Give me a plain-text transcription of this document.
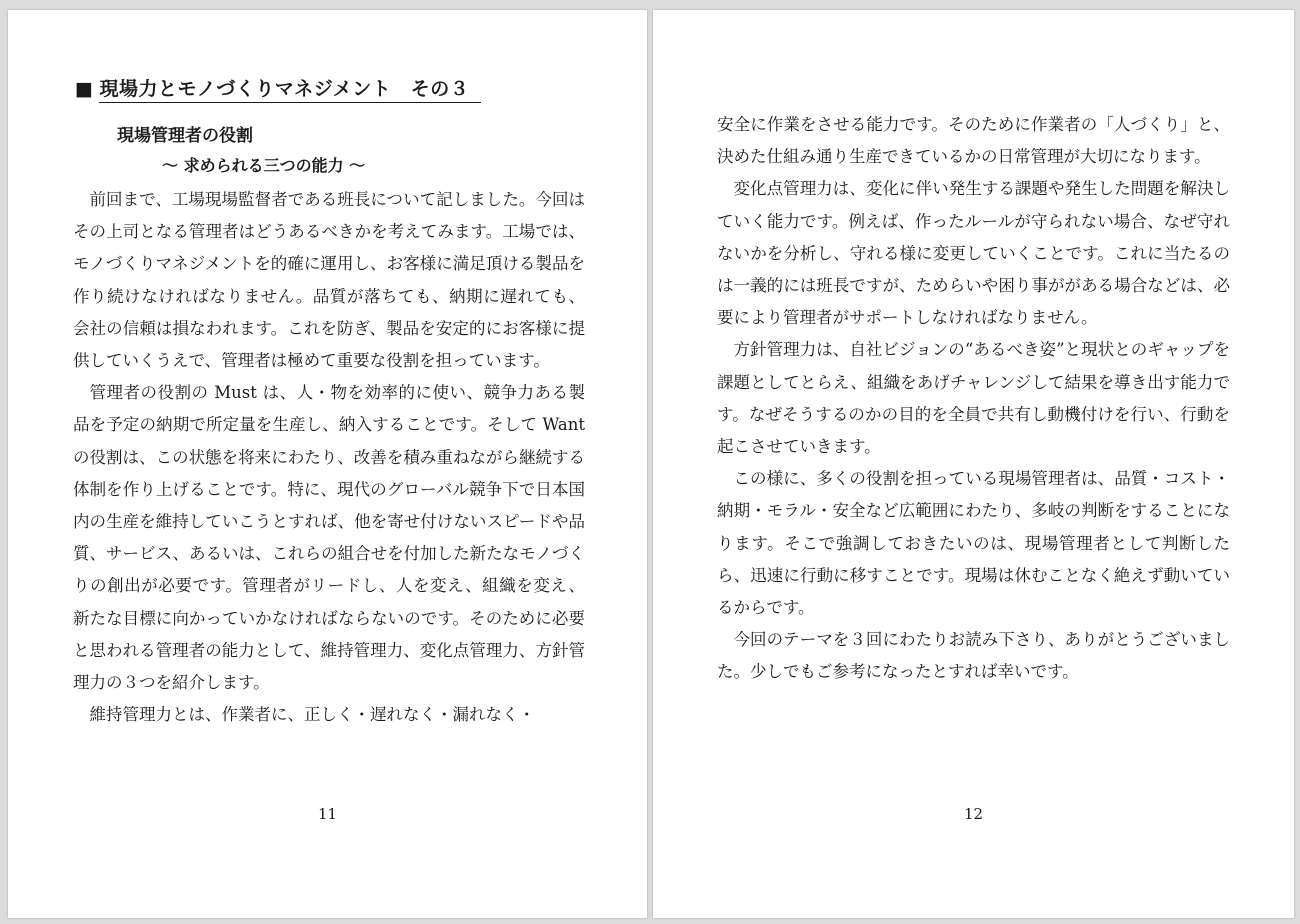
■ 現場力とモノづくりマネジメント　その３
現場管理者の役割
～ 求められる三つの能力 ～

前回まで、工場現場監督者である班長について記しました。今回はその上司となる管理者はどうあるべきかを考えてみます。工場では、モノづくりマネジメントを的確に運用し、お客様に満足頂ける製品を作り続けなければなりません。品質が落ちても、納期に遅れても、会社の信頼は損なわれます。これを防ぎ、製品を安定的にお客様に提供していくうえで、管理者は極めて重要な役割を担っています。

管理者の役割の Must は、人・物を効率的に使い、競争力ある製品を予定の納期で所定量を生産し、納入することです。そして Want の役割は、この状態を将来にわたり、改善を積み重ねながら継続する体制を作り上げることです。特に、現代のグローバル競争下で日本国内の生産を維持していこうとすれば、他を寄せ付けないスピードや品質、サービス、あるいは、これらの組合せを付加した新たなモノづくりの創出が必要です。管理者がリードし、人を変え、組織を変え、新たな目標に向かっていかなければならないのです。そのために必要と思われる管理者の能力として、維持管理力、変化点管理力、方針管理力の３つを紹介します。

維持管理力とは、作業者に、正しく・遅れなく・漏れなく・

11

安全に作業をさせる能力です。そのために作業者の「人づくり」と、決めた仕組み通り生産できているかの日常管理が大切になります。

変化点管理力は、変化に伴い発生する課題や発生した問題を解決していく能力です。例えば、作ったルールが守られない場合、なぜ守れないかを分析し、守れる様に変更していくことです。これに当たるのは一義的には班長ですが、ためらいや困り事ががある場合などは、必要により管理者がサポートしなければなりません。

方針管理力は、自社ビジョンの“あるべき姿”と現状とのギャップを課題としてとらえ、組織をあげチャレンジして結果を導き出す能力です。なぜそうするのかの目的を全員で共有し動機付けを行い、行動を起こさせていきます。

この様に、多くの役割を担っている現場管理者は、品質・コスト・納期・モラル・安全など広範囲にわたり、多岐の判断をすることになります。そこで強調しておきたいのは、現場管理者として判断したら、迅速に行動に移すことです。現場は休むことなく絶えず動いているからです。

今回のテーマを３回にわたりお読み下さり、ありがとうございました。少しでもご参考になったとすれば幸いです。

12
